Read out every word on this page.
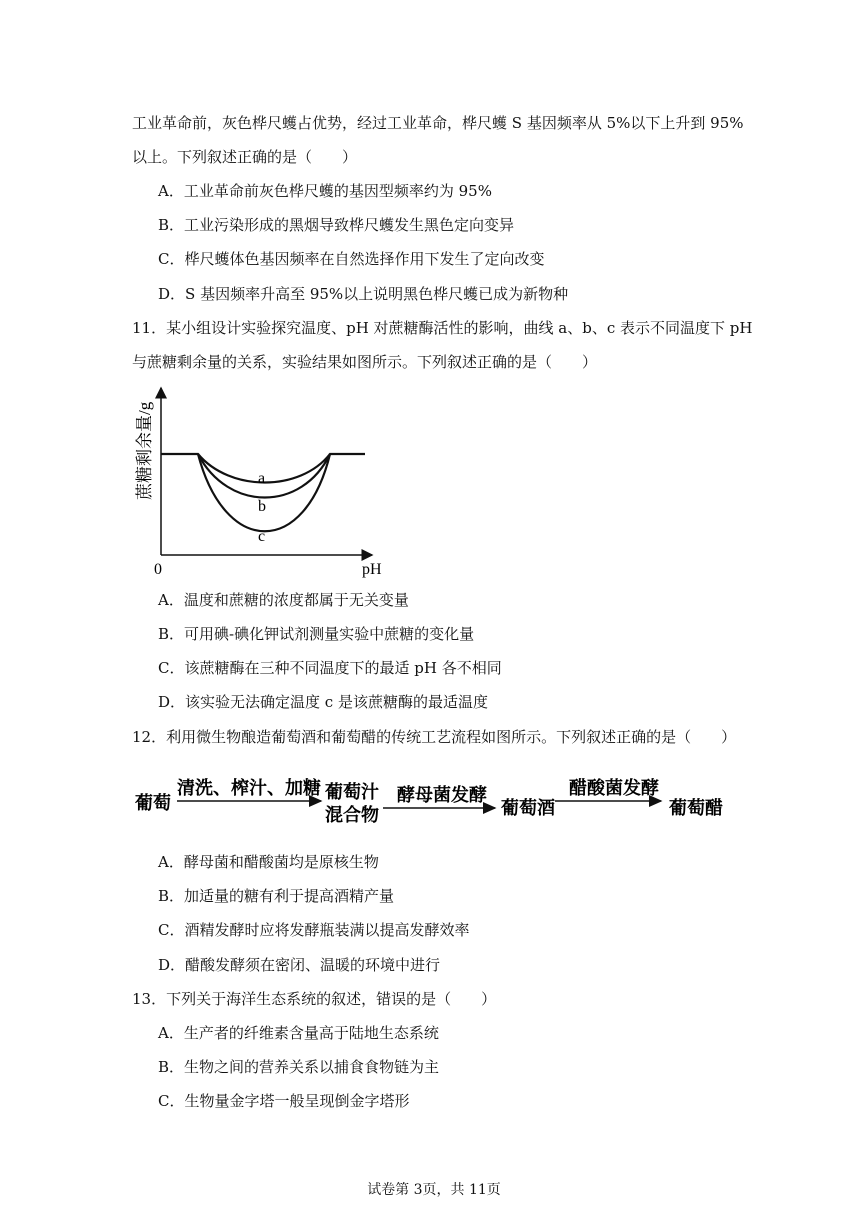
工业革命前，灰色桦尺蠖占优势，经过工业革命，桦尺蠖 S 基因频率从 5%以下上升到 95%
以上。下列叙述正确的是（　　）
A．工业革命前灰色桦尺蠖的基因型频率约为 95%
B．工业污染形成的黑烟导致桦尺蠖发生黑色定向变异
C．桦尺蠖体色基因频率在自然选择作用下发生了定向改变
D．S 基因频率升高至 95%以上说明黑色桦尺蠖已成为新物种
11．某小组设计实验探究温度、pH 对蔗糖酶活性的影响，曲线 a、b、c 表示不同温度下 pH
与蔗糖剩余量的关系，实验结果如图所示。下列叙述正确的是（　　）
a
b
c
0	pH
蔗糖剩余量/g
A．温度和蔗糖的浓度都属于无关变量
B．可用碘-碘化钾试剂测量实验中蔗糖的变化量
C．该蔗糖酶在三种不同温度下的最适 pH 各不相同
D．该实验无法确定温度 c 是该蔗糖酶的最适温度
12．利用微生物酿造葡萄酒和葡萄醋的传统工艺流程如图所示。下列叙述正确的是（　　）
葡萄
清洗、榨汁、加糖 葡萄汁
混合物
酵母菌发酵
葡萄酒
醋酸菌发酵
葡萄醋
A．酵母菌和醋酸菌均是原核生物
B．加适量的糖有利于提高酒精产量
C．酒精发酵时应将发酵瓶装满以提高发酵效率
D．醋酸发酵须在密闭、温暖的环境中进行
13．下列关于海洋生态系统的叙述，错误的是（　　）
A．生产者的纤维素含量高于陆地生态系统
B．生物之间的营养关系以捕食食物链为主
C．生物量金字塔一般呈现倒金字塔形
试卷第 3页，共 11页
